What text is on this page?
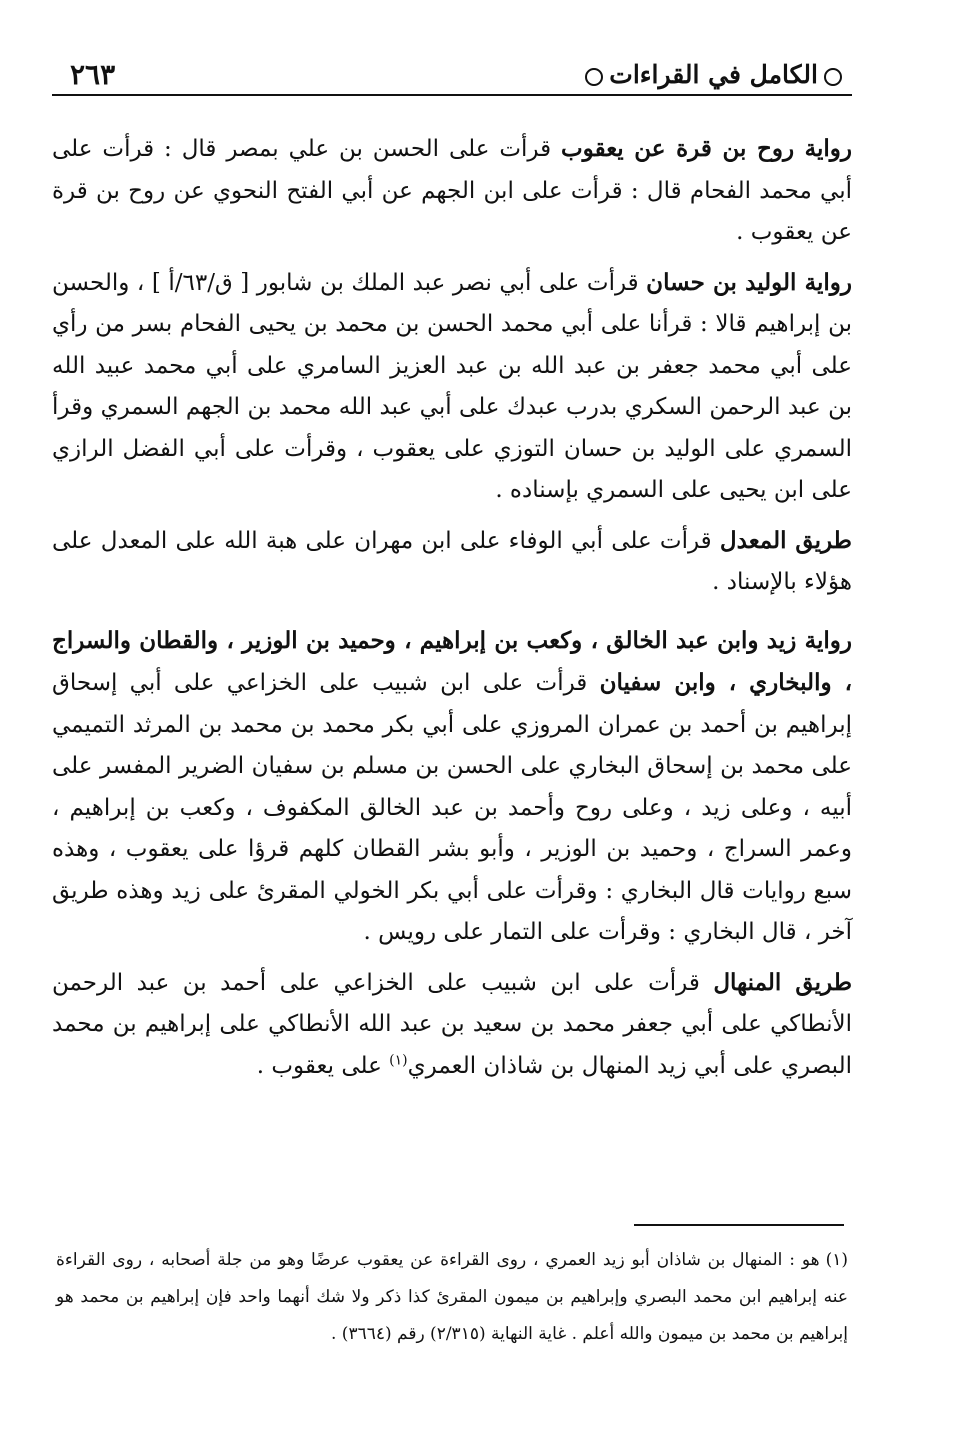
الكامل في القراءات
٢٦٣

رواية روح بن قرة عن يعقوب قرأت على الحسن بن علي بمصر قال : قرأت على أبي محمد الفحام قال : قرأت على ابن الجهم عن أبي الفتح النحوي عن روح بن قرة عن يعقوب .

رواية الوليد بن حسان قرأت على أبي نصر عبد الملك بن شابور [ ق/٦٣/أ ] ، والحسن بن إبراهيم قالا : قرأنا على أبي محمد الحسن بن محمد بن يحيى الفحام بسر من رأي على أبي محمد جعفر بن عبد الله بن عبد العزيز السامري على أبي محمد عبيد الله بن عبد الرحمن السكري بدرب عبدك على أبي عبد الله محمد بن الجهم السمري وقرأ السمري على الوليد بن حسان التوزي على يعقوب ، وقرأت على أبي الفضل الرازي على ابن يحيى على السمري بإسناده .

طريق المعدل قرأت على أبي الوفاء على ابن مهران على هبة الله على المعدل على هؤلاء بالإسناد .

رواية زيد وابن عبد الخالق ، وكعب بن إبراهيم ، وحميد بن الوزير ، والقطان والسراج ، والبخاري ، وابن سفيان قرأت على ابن شبيب على الخزاعي على أبي إسحاق إبراهيم بن أحمد بن عمران المروزي على أبي بكر محمد بن محمد بن المرثد التميمي على محمد بن إسحاق البخاري على الحسن بن مسلم بن سفيان الضرير المفسر على أبيه ، وعلى زيد ، وعلى روح وأحمد بن عبد الخالق المكفوف ، وكعب بن إبراهيم ، وعمر السراج ، وحميد بن الوزير ، وأبو بشر القطان كلهم قرؤا على يعقوب ، وهذه سبع روايات قال البخاري : وقرأت على أبي بكر الخولي المقرئ على زيد وهذه طريق آخر ، قال البخاري : وقرأت على التمار على رويس .

طريق المنهال قرأت على ابن شبيب على الخزاعي على أحمد بن عبد الرحمن الأنطاكي على أبي جعفر محمد بن سعيد بن عبد الله الأنطاكي على إبراهيم بن محمد البصري على أبي زيد المنهال بن شاذان العمري$^{(١)}$ على يعقوب .

(١)هو : المنهال بن شاذان أبو زيد العمري ، روى القراءة عن يعقوب عرضًا وهو من جلة أصحابه ، روى القراءة عنه إبراهيم ابن محمد البصري وإبراهيم بن ميمون المقرئ كذا ذكر ولا شك أنهما واحد فإن إبراهيم بن محمد هو إبراهيم بن محمد بن ميمون والله أعلم . غاية النهاية (٢/٣١٥) رقم (٣٦٦٤) .
